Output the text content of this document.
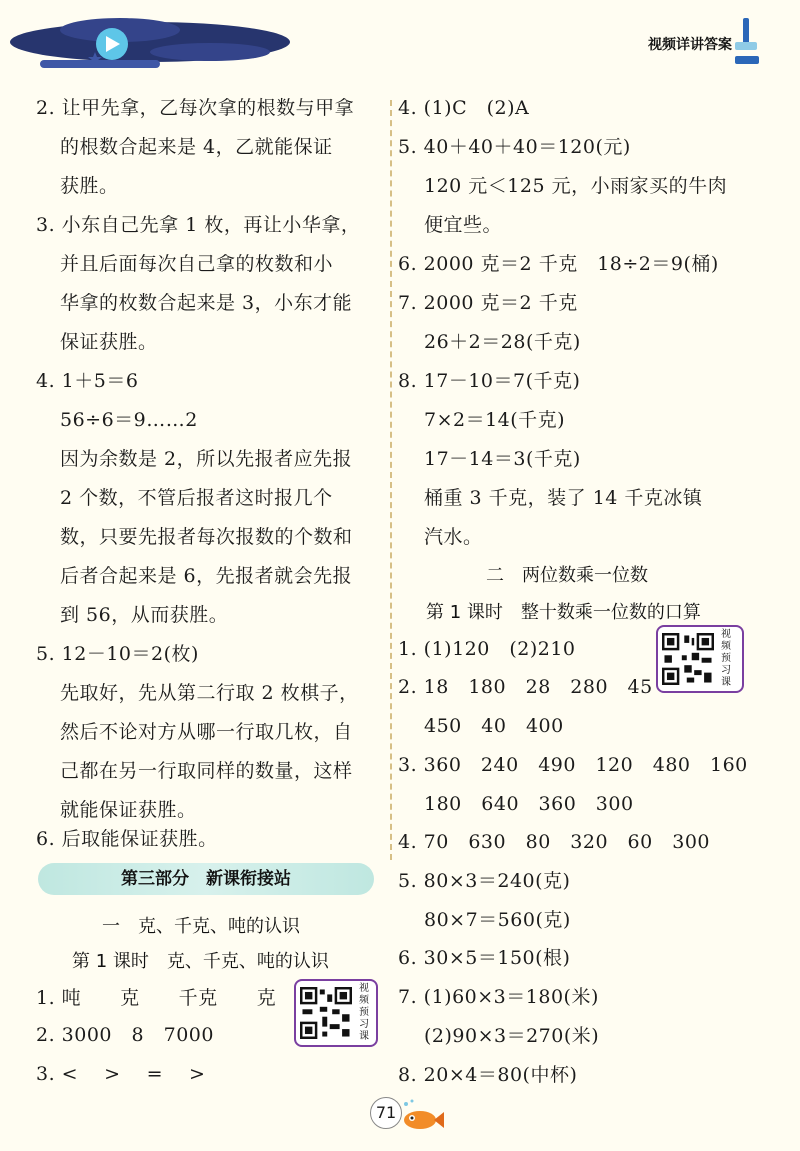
视频详讲答案
2. 让甲先拿，乙每次拿的根数与甲拿
的根数合起来是 4，乙就能保证
获胜。
3. 小东自己先拿 1 枚，再让小华拿，
并且后面每次自己拿的枚数和小
华拿的枚数合起来是 3，小东才能
保证获胜。
4. 1＋5＝6
56÷6＝9……2
因为余数是 2，所以先报者应先报
2 个数，不管后报者这时报几个
数，只要先报者每次报数的个数和
后者合起来是 6，先报者就会先报
到 56，从而获胜。
5. 12－10＝2(枚)
先取好，先从第二行取 2 枚棋子，
然后不论对方从哪一行取几枚，自
己都在另一行取同样的数量，这样
就能保证获胜。
6. 后取能保证获胜。
第三部分　新课衔接站
一　克、千克、吨的认识
第 1 课时　克、千克、吨的认识
1. 吨　　克　　千克　　克
2. 3000　8　7000
3. <　 >　 =　 >
视频预习课
4. (1)C　(2)A
5. 40＋40＋40＝120(元)
120 元＜125 元，小雨家买的牛肉
便宜些。
6. 2000 克＝2 千克　18÷2＝9(桶)
7. 2000 克＝2 千克
26＋2＝28(千克)
8. 17－10＝7(千克)
7×2＝14(千克)
17－14＝3(千克)
桶重 3 千克，装了 14 千克冰镇
汽水。
二　两位数乘一位数
第 1 课时　整十数乘一位数的口算
1. (1)120　(2)210
2. 18　180　28　280　45
450　40　400
3. 360　240　490　120　480　160
180　640　360　300
4. 70　630　80　320　60　300
5. 80×3＝240(克)
80×7＝560(克)
6. 30×5＝150(根)
7. (1)60×3＝180(米)
(2)90×3＝270(米)
8. 20×4＝80(中杯)
视频预习课
71
